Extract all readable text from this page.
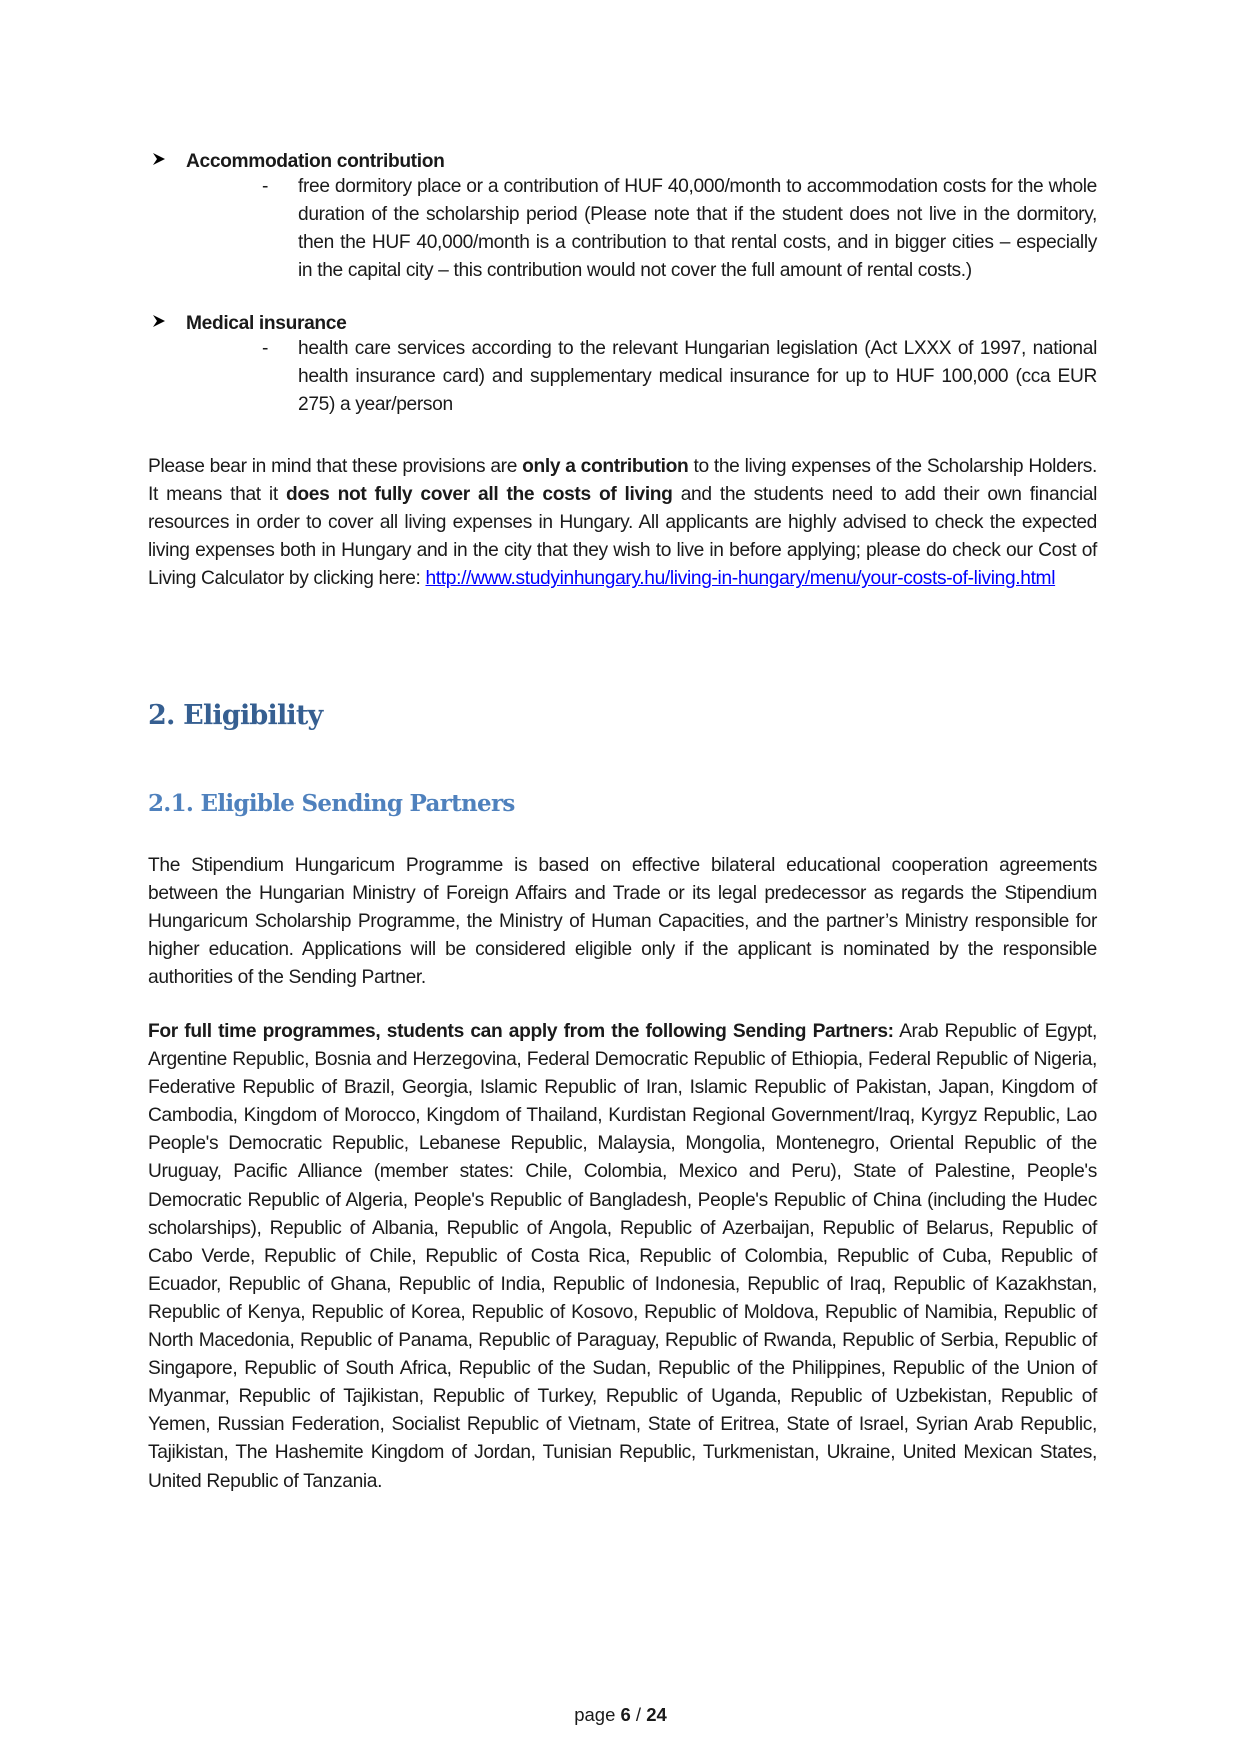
Accommodation contribution
- free dormitory place or a contribution of HUF 40,000/month to accommodation costs for the whole duration of the scholarship period (Please note that if the student does not live in the dormitory, then the HUF 40,000/month is a contribution to that rental costs, and in bigger cities – especially in the capital city – this contribution would not cover the full amount of rental costs.)
Medical insurance
- health care services according to the relevant Hungarian legislation (Act LXXX of 1997, national health insurance card) and supplementary medical insurance for up to HUF 100,000 (cca EUR 275) a year/person
Please bear in mind that these provisions are only a contribution to the living expenses of the Scholarship Holders. It means that it does not fully cover all the costs of living and the students need to add their own financial resources in order to cover all living expenses in Hungary. All applicants are highly advised to check the expected living expenses both in Hungary and in the city that they wish to live in before applying; please do check our Cost of Living Calculator by clicking here: http://www.studyinhungary.hu/living-in-hungary/menu/your-costs-of-living.html
2. Eligibility
2.1. Eligible Sending Partners
The Stipendium Hungaricum Programme is based on effective bilateral educational cooperation agreements between the Hungarian Ministry of Foreign Affairs and Trade or its legal predecessor as regards the Stipendium Hungaricum Scholarship Programme, the Ministry of Human Capacities, and the partner’s Ministry responsible for higher education. Applications will be considered eligible only if the applicant is nominated by the responsible authorities of the Sending Partner.
For full time programmes, students can apply from the following Sending Partners: Arab Republic of Egypt, Argentine Republic, Bosnia and Herzegovina, Federal Democratic Republic of Ethiopia, Federal Republic of Nigeria, Federative Republic of Brazil, Georgia, Islamic Republic of Iran, Islamic Republic of Pakistan, Japan, Kingdom of Cambodia, Kingdom of Morocco, Kingdom of Thailand, Kurdistan Regional Government/Iraq, Kyrgyz Republic, Lao People's Democratic Republic, Lebanese Republic, Malaysia, Mongolia, Montenegro, Oriental Republic of the Uruguay, Pacific Alliance (member states: Chile, Colombia, Mexico and Peru), State of Palestine, People's Democratic Republic of Algeria, People's Republic of Bangladesh, People's Republic of China (including the Hudec scholarships), Republic of Albania, Republic of Angola, Republic of Azerbaijan, Republic of Belarus, Republic of Cabo Verde, Republic of Chile, Republic of Costa Rica, Republic of Colombia, Republic of Cuba, Republic of Ecuador, Republic of Ghana, Republic of India, Republic of Indonesia, Republic of Iraq, Republic of Kazakhstan, Republic of Kenya, Republic of Korea, Republic of Kosovo, Republic of Moldova, Republic of Namibia, Republic of North Macedonia, Republic of Panama, Republic of Paraguay, Republic of Rwanda, Republic of Serbia, Republic of Singapore, Republic of South Africa, Republic of the Sudan, Republic of the Philippines, Republic of the Union of Myanmar, Republic of Tajikistan, Republic of Turkey, Republic of Uganda, Republic of Uzbekistan, Republic of Yemen, Russian Federation, Socialist Republic of Vietnam, State of Eritrea, State of Israel, Syrian Arab Republic, Tajikistan, The Hashemite Kingdom of Jordan, Tunisian Republic, Turkmenistan, Ukraine, United Mexican States, United Republic of Tanzania.
page 6 / 24
